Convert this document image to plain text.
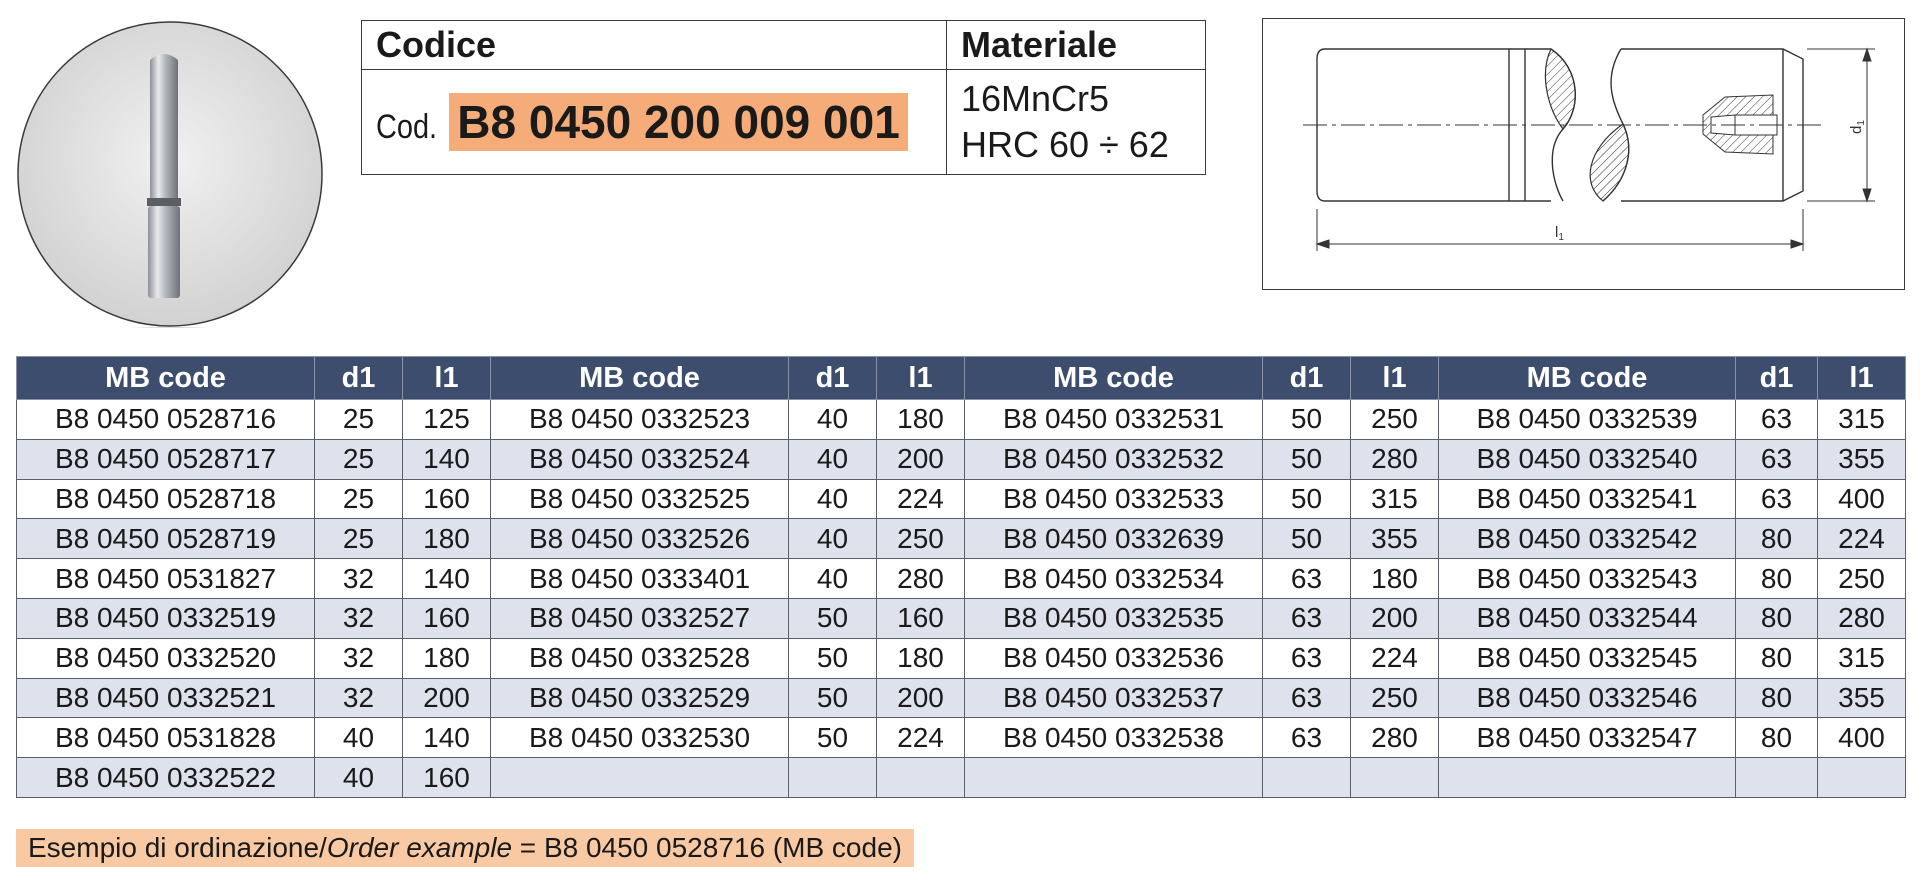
Codice	Materiale
Cod. B8 0450 200 009 001	16MnCr5
HRC 60 ÷ 62	$d_1$
$l_1$
MB code	d1	l1	MB code	d1	l1	MB code	d1	l1	MB code	d1	l1
B8 0450 0528716	25	125	B8 0450 0332523	40	180	B8 0450 0332531	50	250	B8 0450 0332539	63	315
B8 0450 0528717	25	140	B8 0450 0332524	40	200	B8 0450 0332532	50	280	B8 0450 0332540	63	355
B8 0450 0528718	25	160	B8 0450 0332525	40	224	B8 0450 0332533	50	315	B8 0450 0332541	63	400
B8 0450 0528719	25	180	B8 0450 0332526	40	250	B8 0450 0332639	50	355	B8 0450 0332542	80	224
B8 0450 0531827	32	140	B8 0450 0333401	40	280	B8 0450 0332534	63	180	B8 0450 0332543	80	250
B8 0450 0332519	32	160	B8 0450 0332527	50	160	B8 0450 0332535	63	200	B8 0450 0332544	80	280
B8 0450 0332520	32	180	B8 0450 0332528	50	180	B8 0450 0332536	63	224	B8 0450 0332545	80	315
B8 0450 0332521	32	200	B8 0450 0332529	50	200	B8 0450 0332537	63	250	B8 0450 0332546	80	355
B8 0450 0531828	40	140	B8 0450 0332530	50	224	B8 0450 0332538	63	280	B8 0450 0332547	80	400
B8 0450 0332522	40	160									
Esempio di ordinazione/Order example = B8 0450 0528716 (MB code)
